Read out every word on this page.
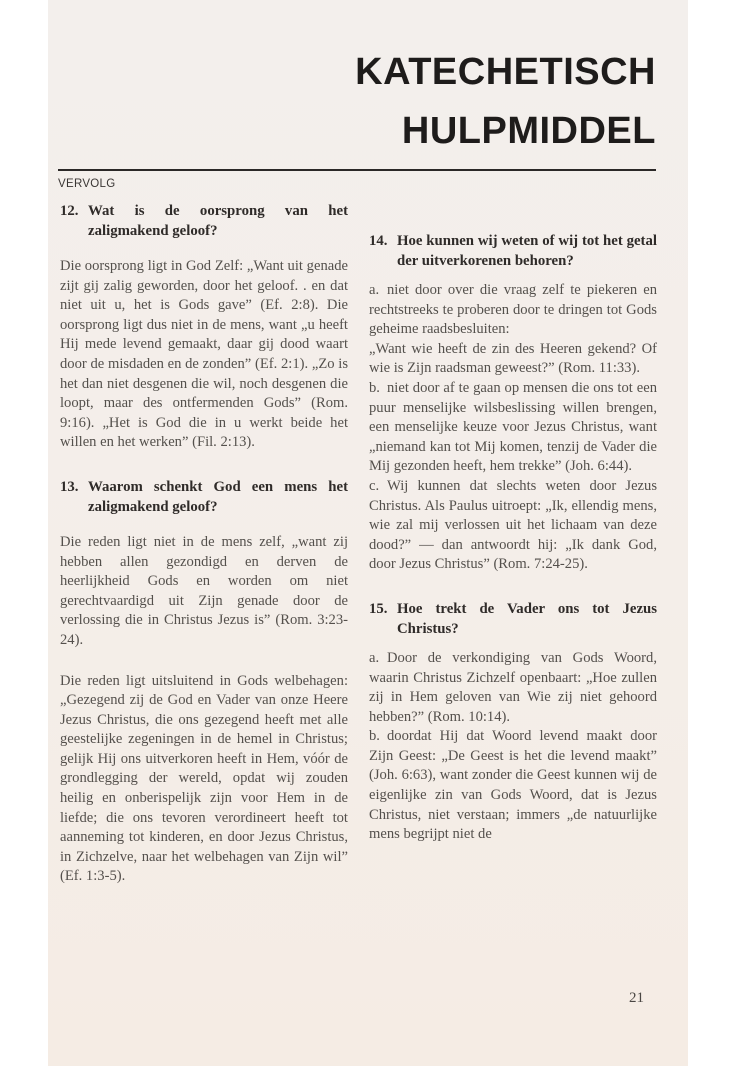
KATECHETISCH
HULPMIDDEL
VERVOLG
12. Wat is de oorsprong van het zaligmakend geloof?

Die oorsprong ligt in God Zelf: „Want uit genade zijt gij zalig geworden, door het geloof. . en dat niet uit u, het is Gods gave” (Ef. 2:8). Die oorsprong ligt dus niet in de mens, want „u heeft Hij mede levend gemaakt, daar gij dood waart door de misdaden en de zonden” (Ef. 2:1). „Zo is het dan niet desgenen die wil, noch desgenen die loopt, maar des ontfermenden Gods” (Rom. 9:16). „Het is God die in u werkt beide het willen en het werken” (Fil. 2:13).

13. Waarom schenkt God een mens het zaligmakend geloof?

Die reden ligt niet in de mens zelf, „want zij hebben allen gezondigd en derven de heerlijkheid Gods en worden om niet gerechtvaardigd uit Zijn genade door de verlossing die in Christus Jezus is” (Rom. 3:23-24).

Die reden ligt uitsluitend in Gods welbehagen: „Gezegend zij de God en Vader van onze Heere Jezus Christus, die ons gezegend heeft met alle geestelijke zegeningen in de hemel in Christus; gelijk Hij ons uitverkoren heeft in Hem, vóór de grondlegging der wereld, opdat wij zouden heilig en onberispelijk zijn voor Hem in de liefde; die ons tevoren verordineert heeft tot aanneming tot kinderen, en door Jezus Christus, in Zichzelve, naar het welbehagen van Zijn wil” (Ef. 1:3-5).

14. Hoe kunnen wij weten of wij tot het getal der uitverkorenen behoren?

a. niet door over die vraag zelf te piekeren en rechtstreeks te proberen door te dringen tot Gods geheime raadsbesluiten:

„Want wie heeft de zin des Heeren gekend? Of wie is Zijn raadsman geweest?” (Rom. 11:33).

b. niet door af te gaan op mensen die ons tot een puur menselijke wilsbeslissing willen brengen, een menselijke keuze voor Jezus Christus, want „niemand kan tot Mij komen, tenzij de Vader die Mij gezonden heeft, hem trekke” (Joh. 6:44).

c. Wij kunnen dat slechts weten door Jezus Christus. Als Paulus uitroept: „Ik, ellendig mens, wie zal mij verlossen uit het lichaam van deze dood?” — dan antwoordt hij: „Ik dank God, door Jezus Christus” (Rom. 7:24-25).

15. Hoe trekt de Vader ons tot Jezus Christus?

a. Door de verkondiging van Gods Woord, waarin Christus Zichzelf openbaart: „Hoe zullen zij in Hem geloven van Wie zij niet gehoord hebben?” (Rom. 10:14).

b. doordat Hij dat Woord levend maakt door Zijn Geest: „De Geest is het die levend maakt” (Joh. 6:63), want zonder die Geest kunnen wij de eigenlijke zin van Gods Woord, dat is Jezus Christus, niet verstaan; immers „de natuurlijke mens begrijpt niet de

21
